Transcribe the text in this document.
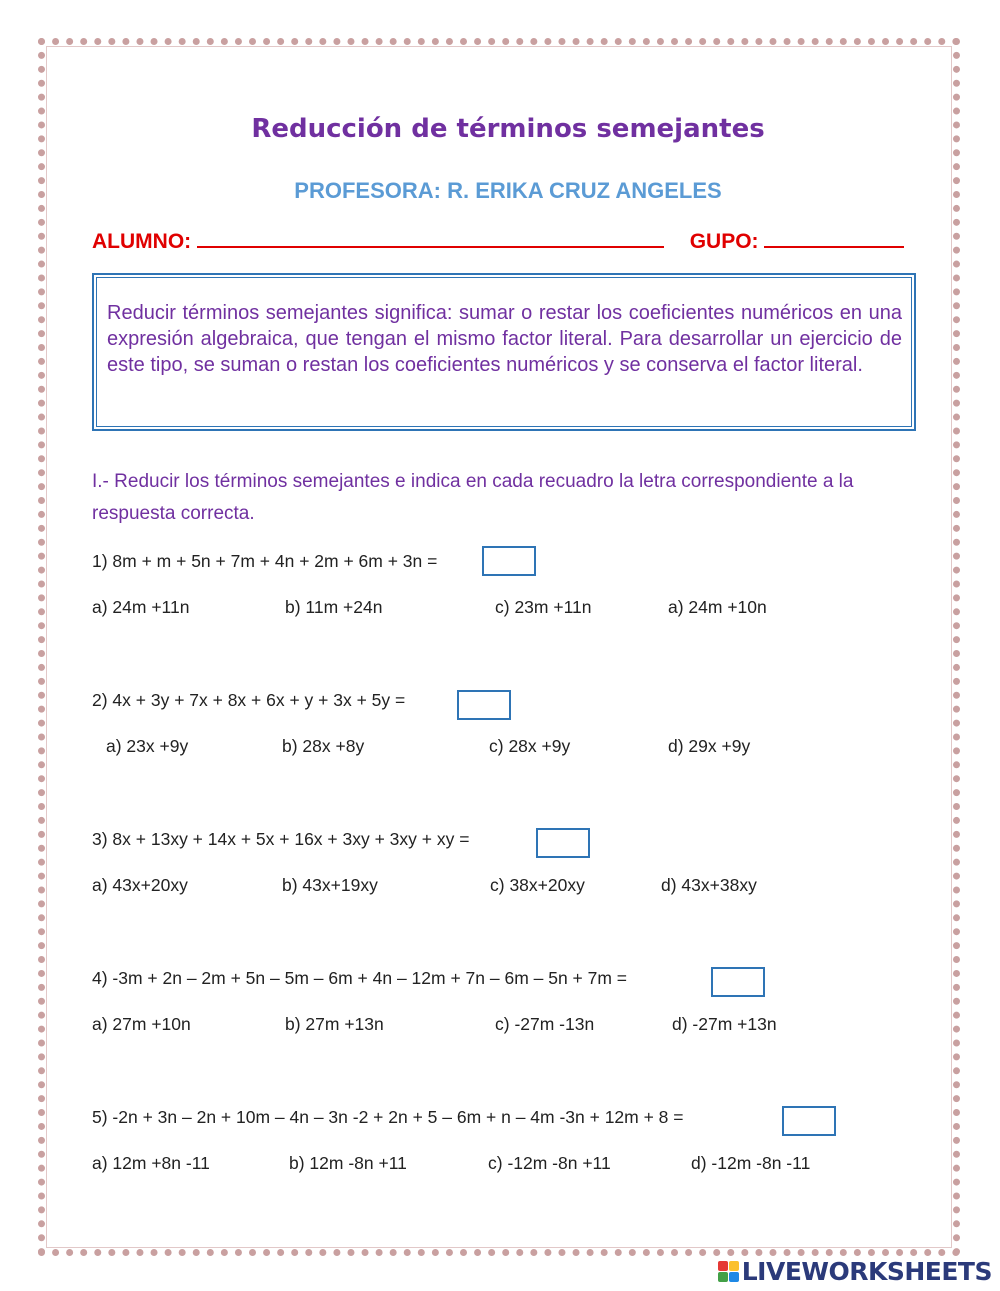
Reducción de términos semejantes
PROFESORA: R. ERIKA CRUZ ANGELES
ALUMNO:	GUPO:
Reducir términos semejantes significa: sumar o restar los coeficientes numéricos en una expresión algebraica, que tengan el mismo factor literal. Para desarrollar un ejercicio de este tipo, se suman o restan los coeficientes numéricos y se conserva el factor literal.
I.- Reducir los términos semejantes e indica en cada recuadro la letra correspondiente a la respuesta correcta.
1) 8m + m + 5n + 7m + 4n + 2m + 6m + 3n =
a) 24m +11n	b) 11m +24n	c) 23m +11n	a) 24m +10n
2) 4x + 3y + 7x + 8x + 6x + y + 3x + 5y =
a) 23x +9y	b) 28x +8y	c) 28x +9y	d) 29x +9y
3) 8x + 13xy + 14x + 5x + 16x + 3xy + 3xy + xy =
a) 43x+20xy	b) 43x+19xy	c) 38x+20xy	d) 43x+38xy
4) -3m + 2n – 2m + 5n – 5m – 6m + 4n – 12m + 7n – 6m – 5n + 7m =
a) 27m +10n	b) 27m +13n	c) -27m -13n	d) -27m +13n
5) -2n + 3n – 2n + 10m – 4n – 3n -2 + 2n + 5 – 6m + n – 4m -3n + 12m + 8 =
a) 12m +8n -11	b) 12m -8n +11	c) -12m -8n +11	d) -12m -8n -11
LIVEWORKSHEETS
